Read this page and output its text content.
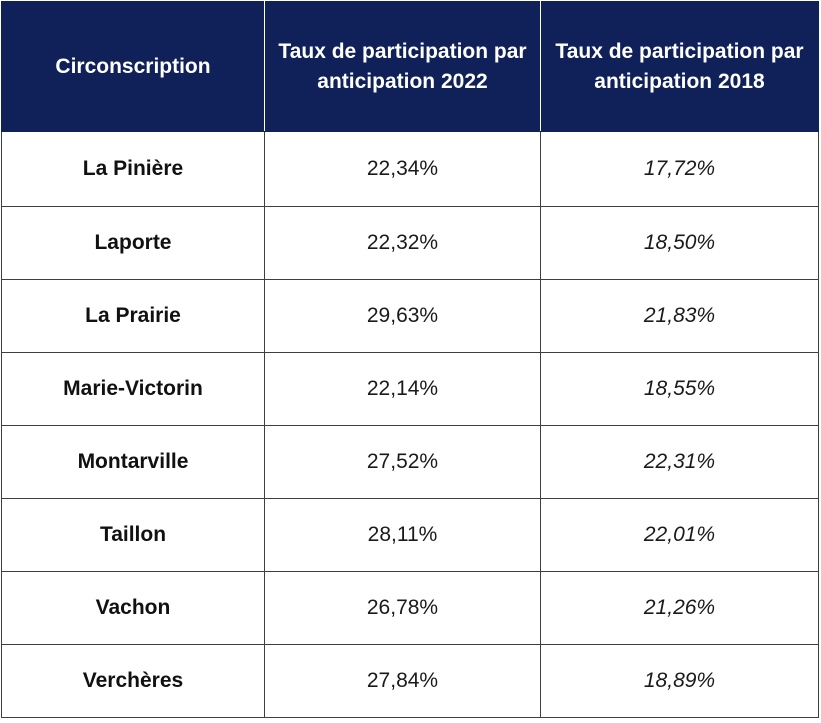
Circonscription	Taux de participation par anticipation 2022	Taux de participation par anticipation 2018
La Pinière	22,34%	17,72%
Laporte	22,32%	18,50%
La Prairie	29,63%	21,83%
Marie-Victorin	22,14%	18,55%
Montarville	27,52%	22,31%
Taillon	28,11%	22,01%
Vachon	26,78%	21,26%
Verchères	27,84%	18,89%
